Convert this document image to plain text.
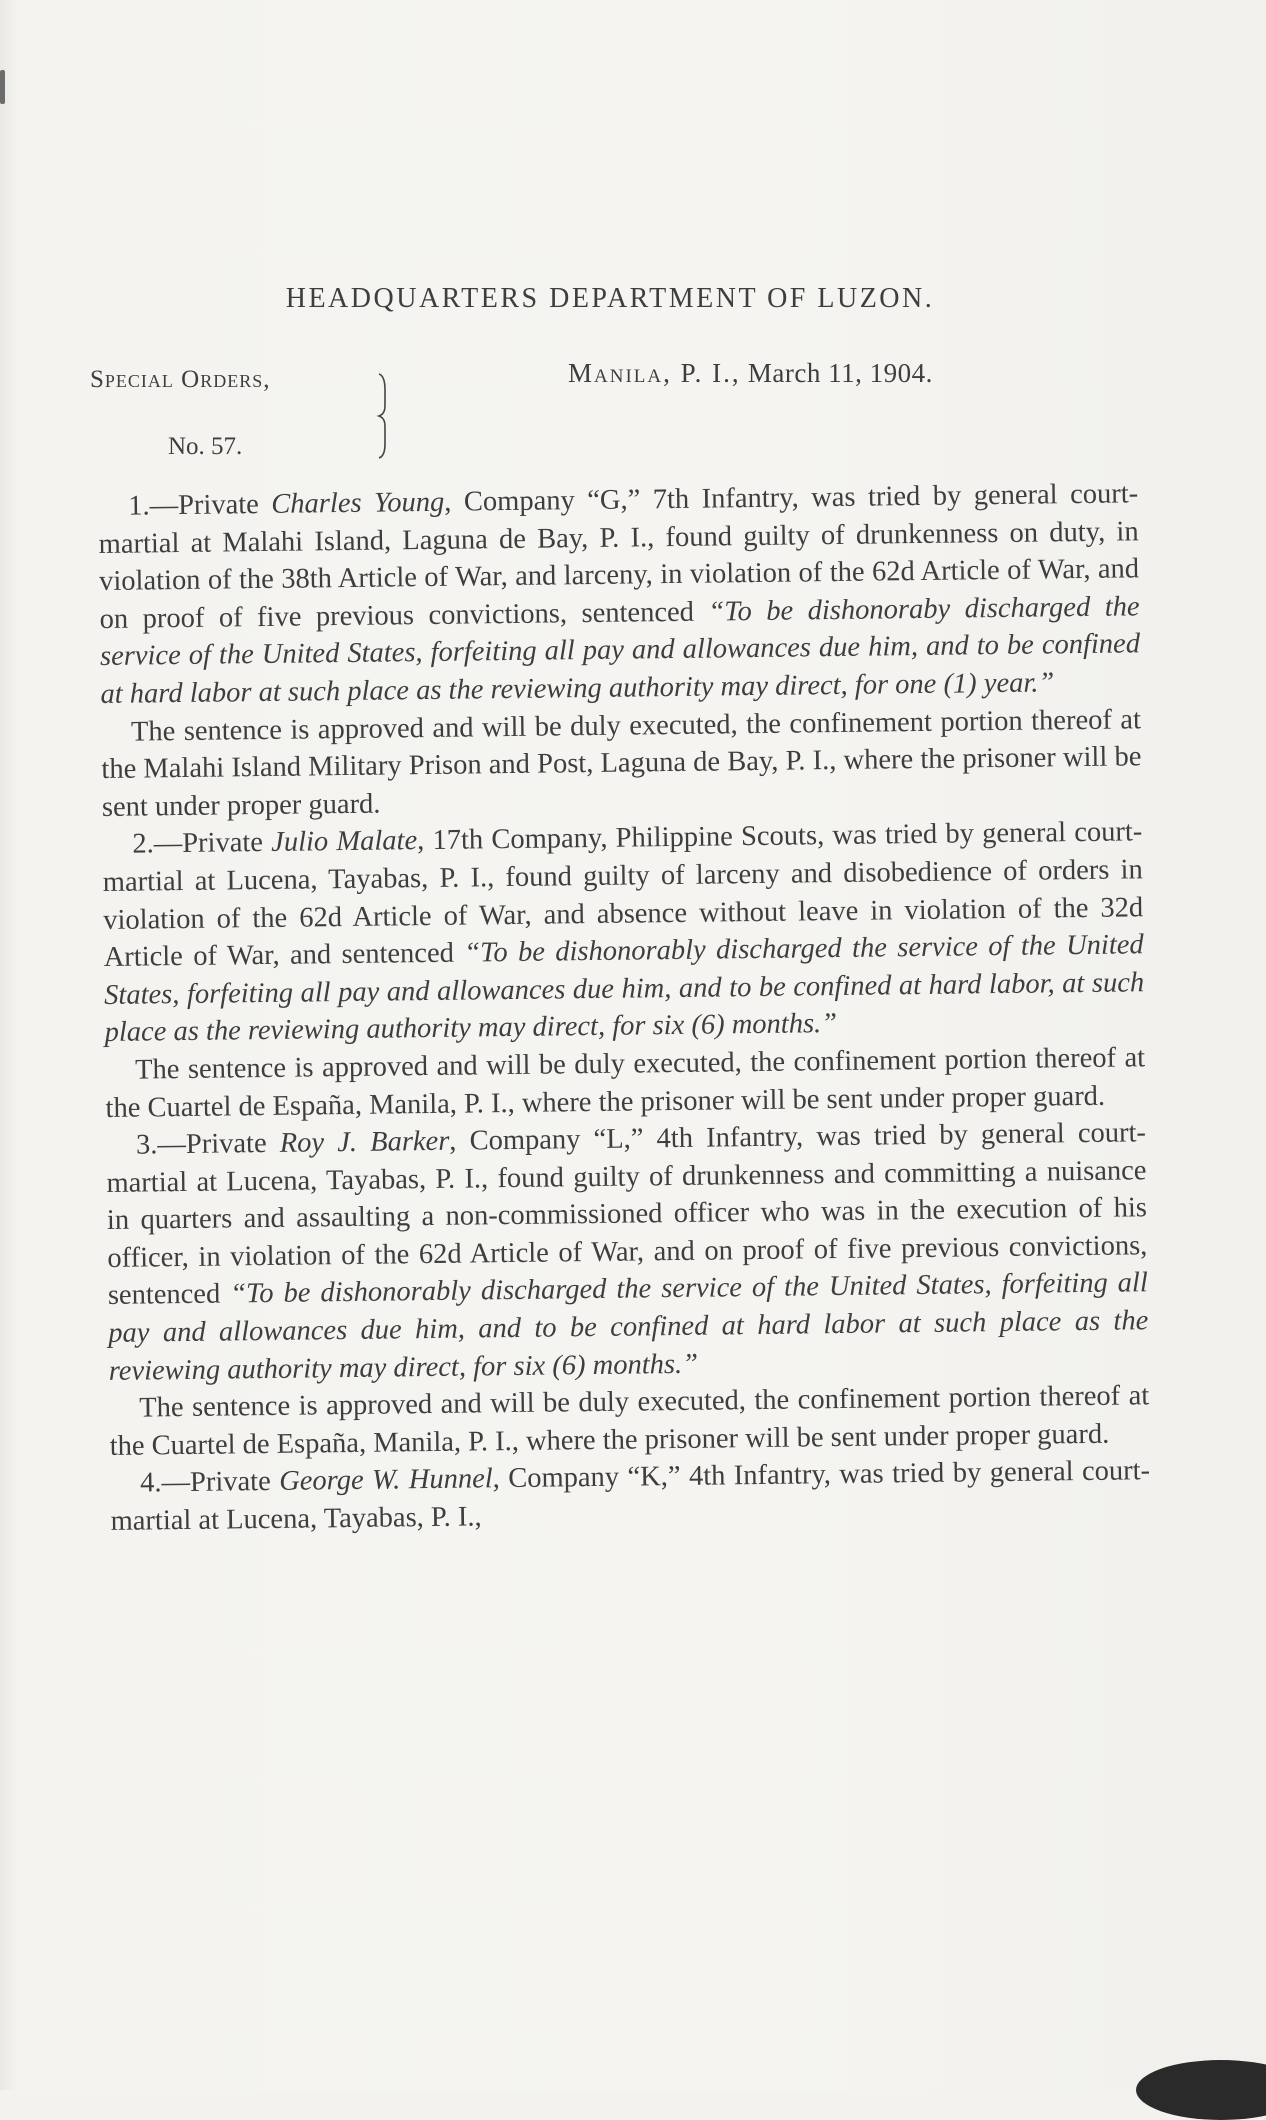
HEADQUARTERS DEPARTMENT OF LUZON.
Special Orders,
No. 57.
Manila, P. I., March 11, 1904.

1.—Private Charles Young, Company “G,” 7th Infantry, was tried by general court-martial at Malahi Island, Laguna de Bay, P. I., found guilty of drunkenness on duty, in violation of the 38th Article of War, and larceny, in violation of the 62d Article of War, and on proof of five previous convictions, sentenced “To be dishonoraby discharged the service of the United States, forfeiting all pay and allowances due him, and to be confined at hard labor at such place as the reviewing authority may direct, for one (1) year.”

The sentence is approved and will be duly executed, the confinement portion thereof at the Malahi Island Military Prison and Post, Laguna de Bay, P. I., where the prisoner will be sent under proper guard.

2.—Private Julio Malate, 17th Company, Philippine Scouts, was tried by general court-martial at Lucena, Tayabas, P. I., found guilty of larceny and disobedience of orders in violation of the 62d Article of War, and absence without leave in violation of the 32d Article of War, and sentenced “To be dishonorably discharged the service of the United States, forfeiting all pay and allowances due him, and to be confined at hard labor, at such place as the reviewing authority may direct, for six (6) months.”

The sentence is approved and will be duly executed, the confinement portion thereof at the Cuartel de España, Manila, P. I., where the prisoner will be sent under proper guard.

3.—Private Roy J. Barker, Company “L,” 4th Infantry, was tried by general court-martial at Lucena, Tayabas, P. I., found guilty of drunkenness and committing a nuisance in quarters and assaulting a non-commissioned officer who was in the execution of his officer, in violation of the 62d Article of War, and on proof of five previous convictions, sentenced “To be dishonorably discharged the service of the United States, forfeiting all pay and allowances due him, and to be confined at hard labor at such place as the reviewing authority may direct, for six (6) months.”

The sentence is approved and will be duly executed, the confinement portion thereof at the Cuartel de España, Manila, P. I., where the prisoner will be sent under proper guard.

4.—Private George W. Hunnel, Company “K,” 4th Infantry, was tried by general court-martial at Lucena, Tayabas, P. I.,
